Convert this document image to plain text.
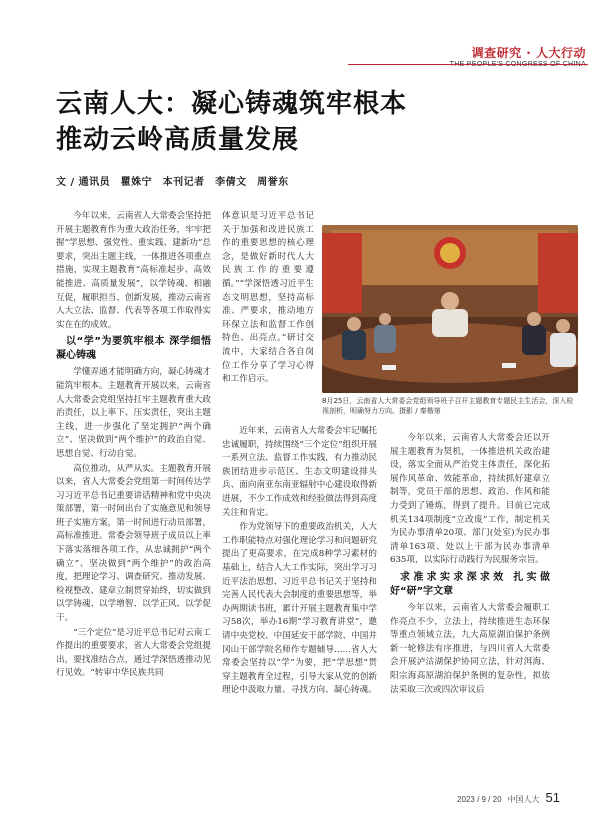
调查研究 · 人大行动
云南人大：凝心铸魂筑牢根本
推动云岭高质量发展
文 / 通讯员　瞿姝宁　本刊记者　李倩文　周誉东

今年以来，云南省人大常委会坚持把开展主题教育作为重大政治任务，牢牢把握“学思想、强党性、重实践、建新功”总要求，突出主题主线，一体推进各项重点措施，实现主题教育“高标准起步、高效能推进、高质量发展”，以学铸魂、相融互促，履职担当、创新发展，推动云南省人大立法、监督、代表等各项工作取得实实在在的成效。

以“学”为要筑牢根本 深学细悟凝心铸魂

学懂弄通才能明确方向，凝心铸魂才能筑牢根本。主题教育开展以来，云南省人大常委会党组坚持扛牢主题教育重大政治责任，以上率下、压实责任，突出主题主线，进一步强化了坚定拥护“两个确立”、坚决做到“两个维护”的政治自觉、思想自觉、行动自觉。

高位推动，从严从实。主题教育开展以来，省人大常委会党组第一时间传达学习习近平总书记重要讲话精神和党中央决策部署，第一时间出台了实施意见和领导班子实施方案，第一时间进行动员部署，高标准推进。常委会领导班子成员以上率下落实落细各项工作，从忠诚拥护“两个确立”、坚决做到“两个维护”的政治高度，把理论学习、调查研究、推动发展、检视整改、建章立制贯穿始终，切实做到以学铸魂、以学增智、以学正风、以学促干。

“三个定位”是习近平总书记对云南工作提出的重要要求，省人大常委会党组提出，要找准结合点，通过学深悟透推动见行见效。“转审中华民族共同

体意识是习近平总书记关于加强和改进民族工作的重要思想的核心理念，是做好新时代人大民族工作的重要遵循。”“学深悟透习近平生态文明思想，坚持高标准、严要求，推动地方环保立法和监督工作创特色、出亮点。”研讨交流中，大家结合各自岗位工作分享了学习心得和工作启示。

8月25日，云南省人大常委会党组领导班子召开主题教育专题民主生活会，深入检视剖析，明确努力方向。摄影 / 秦楷第

近年来，云南省人大常委会牢记嘱托忠诚履职，持续围绕“三个定位”组织开展一系列立法、监督工作实践，有力推动民族团结进步示范区、生态文明建设排头兵、面向南亚东南亚辐射中心建设取得新进展，不少工作成效和经验做法得到高度关注和肯定。

作为党领导下的重要政治机关，人大工作职能特点对强化理论学习和问题研究提出了更高要求，在完成8种学习素材的基础上，结合人大工作实际，突出学习习近平法治思想、习近平总书记关于坚持和完善人民代表大会制度的重要思想等，举办两期读书班，累计开展主题教育集中学习58次，举办16期“学习教育讲堂”，邀请中央党校、中国延安干部学院、中国井冈山干部学院名师作专题辅导……省人大常委会坚持以“学”为要，把“学思想”贯穿主题教育全过程，引导大家从党的创新理论中汲取力量、寻找方向、凝心铸魂。

今年以来，云南省人大常委会还以开展主题教育为契机，一体推进机关政治建设，落实全面从严治党主体责任，深化拓展作风革命、效能革命，持续抓好建章立制等，党员干部的思想、政治、作风和能力受到了锤炼，得到了提升。目前已完成机关134项制度“立改废”工作，制定机关为民办事清单20项、部门(处室)为民办事清单163项、处以上干部为民办事清单635项，以实际行动践行为民服务宗旨。

求准求实求深求效 扎实做好“研”字文章

今年以来，云南省人大常委会履职工作亮点不少，立法上，持续推进生态环保等重点领域立法，九大高原湖泊保护条例新一轮修法有序推进，与四川省人大常委会开展泸沽湖保护协同立法，针对洱海、阳宗海高原湖泊保护条例的复杂性，拟依法采取三次或四次审议后

2023 / 9 / 20 中国人大 51
